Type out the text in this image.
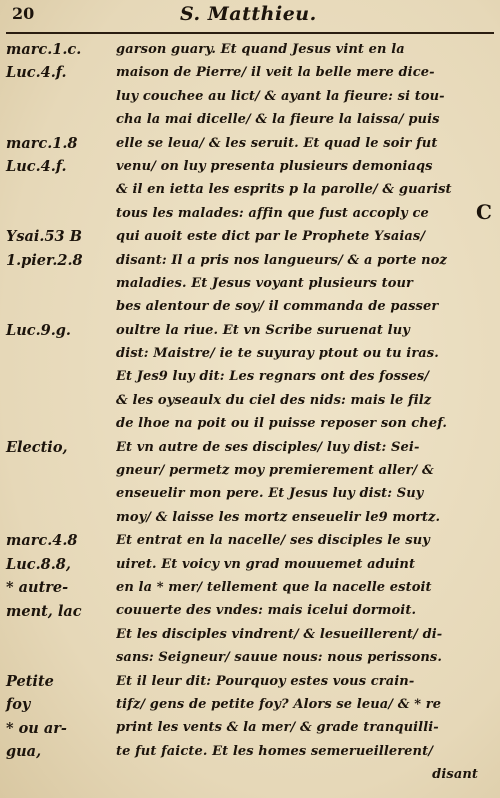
20	S. Matthieu.
marc.1.c.
Luc.4.f.
marc.1.8
Luc.4.f.
Ysai.53 B
1.pier.2.8
Luc.9.g.
Electio,
marc.4.8
Luc.8.8,
* autre-
ment, lac
Petite
foy
* ou ar-
gua,
C
garson guary. Et quand Jesus vint en la
maison de Pierre/ il veit la belle mere dice-
luy couchee au lict/ & ayant la fieure: si tou-
cha la mai dicelle/ & la fieure la laissa/ puis
elle se leua/ & les seruit. Et quad le soir fut
venu/ on luy presenta plusieurs demoniaqs
& il en ietta les esprits p la parolle/ & guarist
tous les malades: affin que fust accoply ce
qui auoit este dict par le Prophete Ysaias/
disant: Il a pris nos langueurs/ & a porte noz
maladies. Et Jesus voyant plusieurs tour
bes alentour de soy/ il commanda de passer
oultre la riue. Et vn Scribe suruenat luy
dist: Maistre/ ie te suyuray ptout ou tu iras.
Et Jes9 luy dit: Les regnars ont des fosses/
& les oyseaulx du ciel des nids: mais le filz
de lhoe na poit ou il puisse reposer son chef.
Et vn autre de ses disciples/ luy dist: Sei-
gneur/ permetz moy premierement aller/ &
enseuelir mon pere. Et Jesus luy dist: Suy
moy/ & laisse les mortz enseuelir le9 mortz.
Et entrat en la nacelle/ ses disciples le suy
uiret. Et voicy vn grad mouuemet aduint
en la * mer/ tellement que la nacelle estoit
couuerte des vndes: mais icelui dormoit.
Et les disciples vindrent/ & lesueillerent/ di-
sans: Seigneur/ sauue nous: nous perissons.
Et il leur dit: Pourquoy estes vous crain-
tifz/ gens de petite foy? Alors se leua/ & * re
print les vents & la mer/ & grade tranquilli-
te fut faicte. Et les homes semerueillerent/
disant
